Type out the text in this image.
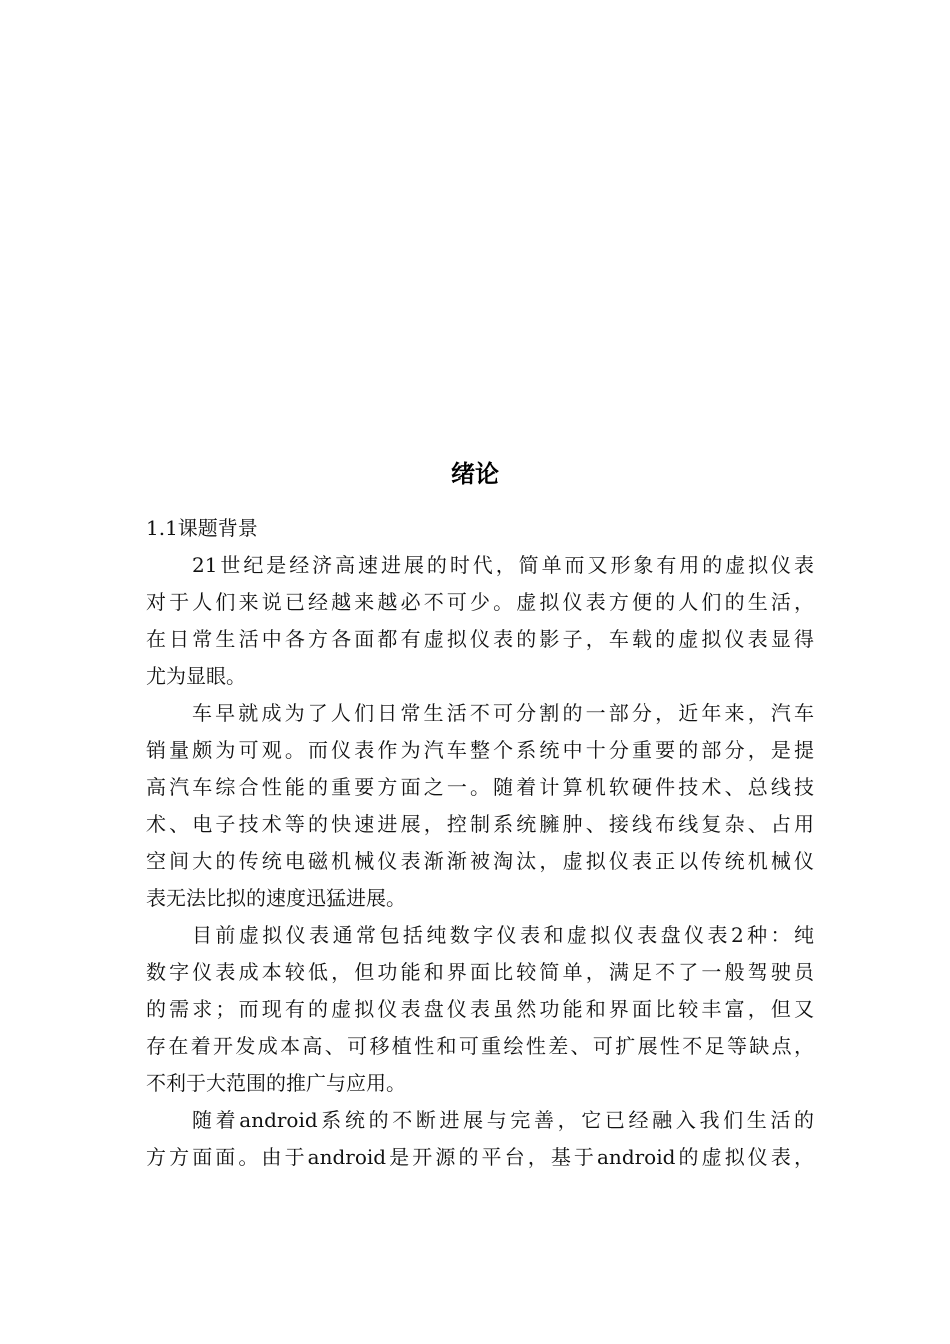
绪论
1.1课题背景
21世纪是经济高速进展的时代，简单而又形象有用的虚拟仪表
对于人们来说已经越来越必不可少。虚拟仪表方便的人们的生活，
在日常生活中各方各面都有虚拟仪表的影子，车载的虚拟仪表显得
尤为显眼。
车早就成为了人们日常生活不可分割的一部分，近年来，汽车
销量颇为可观。而仪表作为汽车整个系统中十分重要的部分，是提
高汽车综合性能的重要方面之一。随着计算机软硬件技术、总线技
术、电子技术等的快速进展，控制系统臃肿、接线布线复杂、占用
空间大的传统电磁机械仪表渐渐被淘汰，虚拟仪表正以传统机械仪
表无法比拟的速度迅猛进展。
目前虚拟仪表通常包括纯数字仪表和虚拟仪表盘仪表2种：纯
数字仪表成本较低，但功能和界面比较简单，满足不了一般驾驶员
的需求；而现有的虚拟仪表盘仪表虽然功能和界面比较丰富，但又
存在着开发成本高、可移植性和可重绘性差、可扩展性不足等缺点，
不利于大范围的推广与应用。
随着android系统的不断进展与完善，它已经融入我们生活的
方方面面。由于android是开源的平台，基于android的虚拟仪表，
